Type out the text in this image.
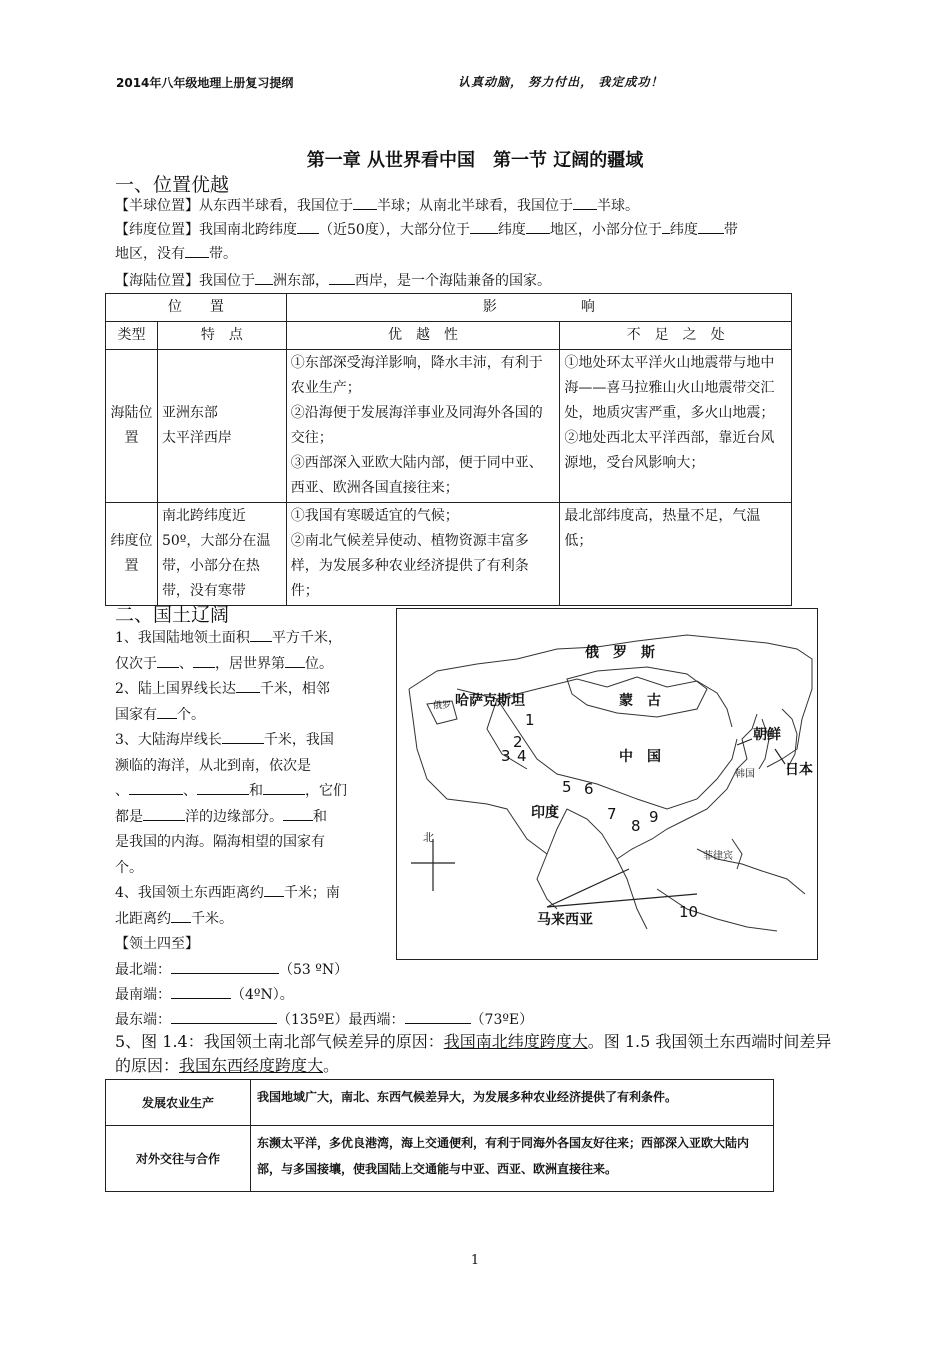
2014年八年级地理上册复习提纲	认真动脑， 努力付出， 我定成功！
第一章 从世界看中国　第一节 辽阔的疆域
一、位置优越
【半球位置】从东西半球看，我国位于 半球；从南北半球看，我国位于 半球。
【纬度位置】我国南北跨纬度 （近50度），大部分位于 纬度 地区，小部分位于 纬度 带
地区，没有 带。
【海陆位置】我国位于 洲东部， 西岸，是一个海陆兼备的国家。
位　　置		影　　　　　　响	
类型	特　点	优　越　性	不　足　之　处
海陆位置	亚洲东部
太平洋西岸	①东部深受海洋影响，降水丰沛，有利于农业生产；
②沿海便于发展海洋事业及同海外各国的交往；
③西部深入亚欧大陆内部，便于同中亚、西亚、欧洲各国直接往来；	①地处环太平洋火山地震带与地中海——喜马拉雅山火山地震带交汇处，地质灾害严重，多火山地震；
②地处西北太平洋西部，靠近台风源地，受台风影响大；
纬度位置	南北跨纬度近50º，大部分在温带，小部分在热带，没有寒带	①我国有寒暖适宜的气候；
②南北气候差异使动、植物资源丰富多样，为发展多种农业经济提供了有利条件；	最北部纬度高，热量不足，气温低；
二、国土辽阔
1、我国陆地领土面积 平方千米，
仅次于 、 ，居世界第 位。
2、陆上国界线长达 千米，相邻
国家有 个。
3、大陆海岸线长	千米，我国
濒临的海洋，从北到南，依次是
、	、	和	，它们
都是	洋的边缘部分。 和
是我国的内海。隔海相望的国家有
个。
4、我国领土东西距离约 千米；南
北距离约 千米。
【领土四至】
最北端：	（53 ºN）
最南端：	（4ºN）。
最东端：	（135ºE）最西端：	（73ºE）
5、图 1.4：我国领土南北部气候差异的原因：我国南北纬度跨度大。图 1.5 我国领土东西端时间差异的原因：我国东西经度跨度大。
俄　罗　斯
哈萨克斯坦	蒙　古
中　国
印度
朝鲜
日本
马来西亚
北
俄罗
韩国
菲律宾
1
2
3 4
5 6
7
8 9
10
发展农业生产	我国地域广大，南北、东西气候差异大，为发展多种农业经济提供了有利条件。
对外交往与合作	东濒太平洋，多优良港湾，海上交通便利，有利于同海外各国友好往来；西部深入亚欧大陆内部，与多国接壤，使我国陆上交通能与中亚、西亚、欧洲直接往来。
1
